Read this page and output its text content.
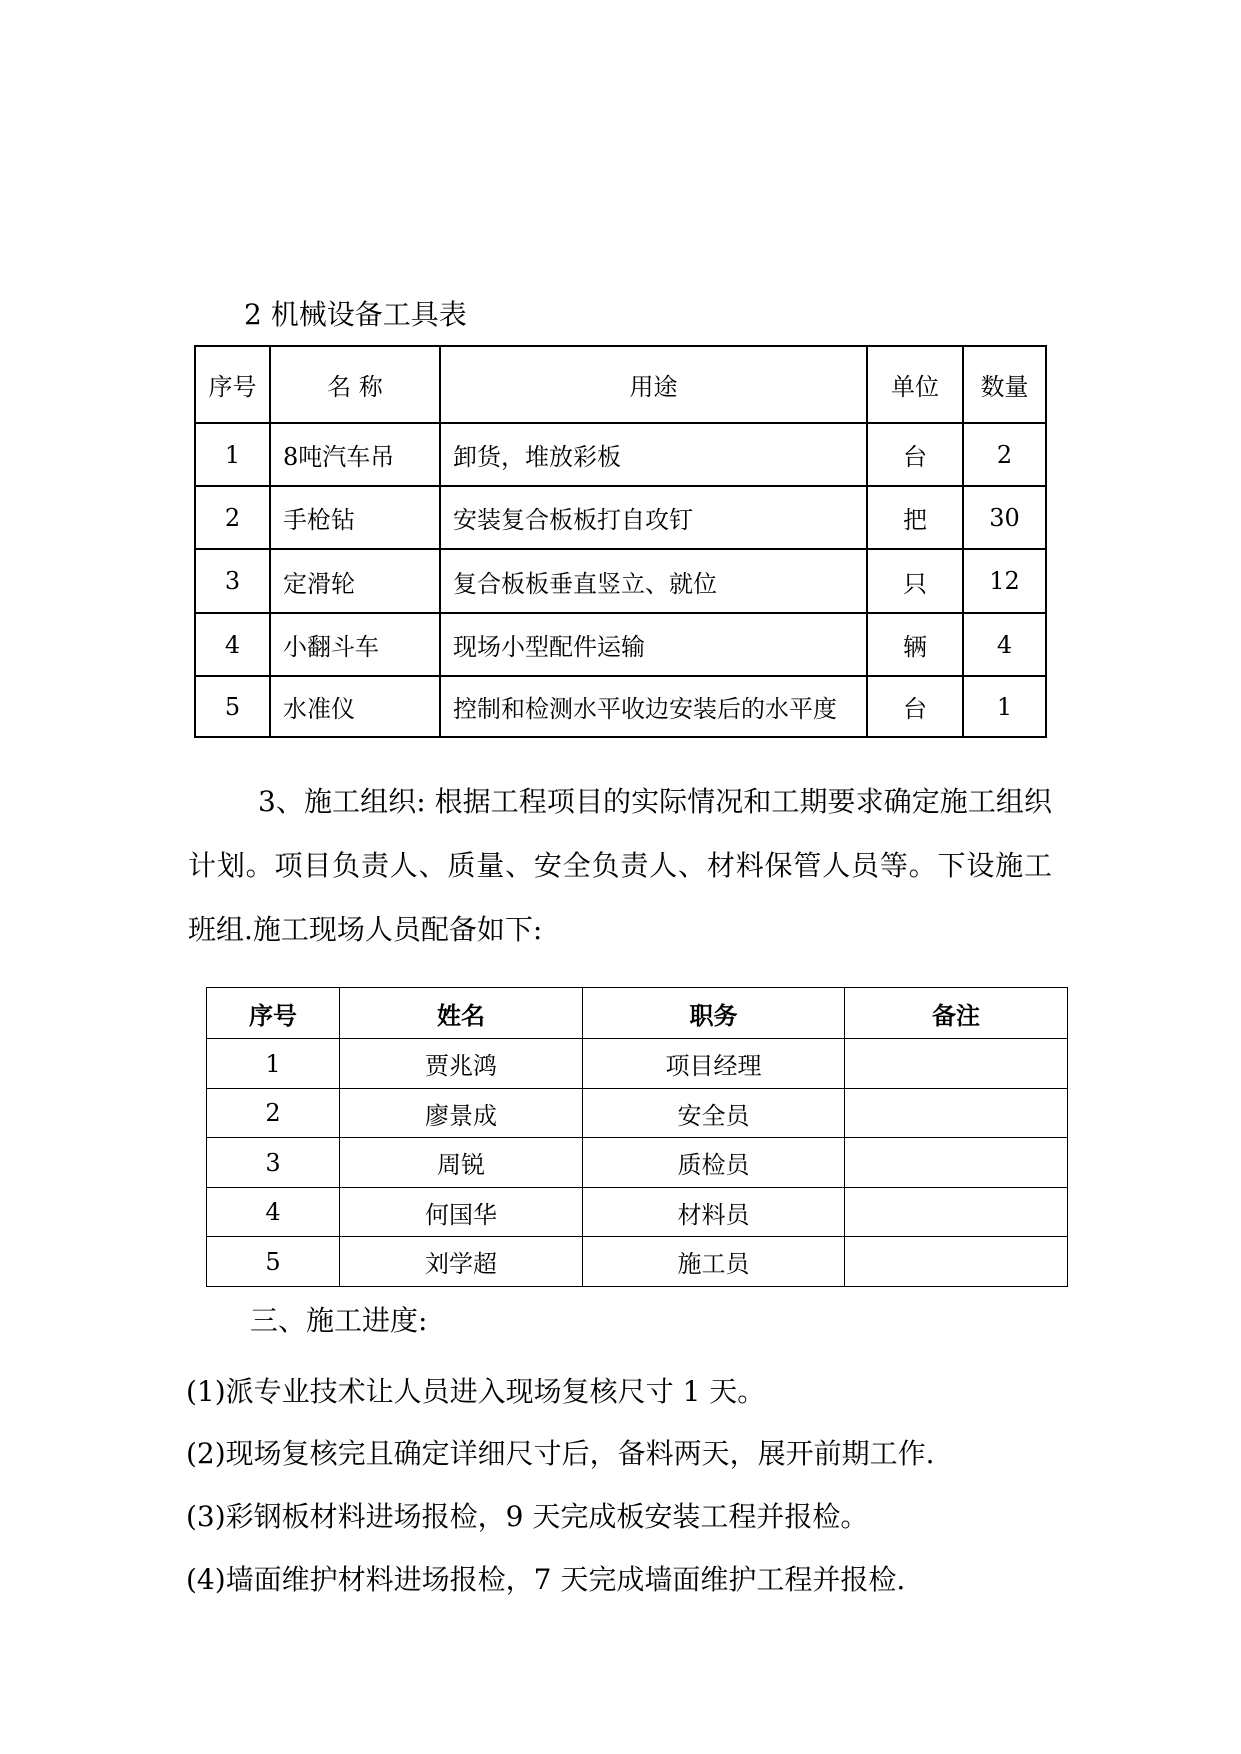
2 机械设备工具表
序号	名 称	用途	单位	数量
1	8吨汽车吊	卸货，堆放彩板	台	2
2	手枪钻	安装复合板板打自攻钉	把	30
3	定滑轮	复合板板垂直竖立、就位	只	12
4	小翻斗车	现场小型配件运输	辆	4
5	水准仪	控制和检测水平收边安装后的水平度	台	1
3、施工组织: 根据工程项目的实际情况和工期要求确定施工组织计划。项目负责人、质量、安全负责人、材料保管人员等。下设施工班组.施工现场人员配备如下:
序号	姓名	职务	备注
1	贾兆鸿	项目经理	
2	廖景成	安全员	
3	周锐	质检员	
4	何国华	材料员	
5	刘学超	施工员	
三、施工进度:
(1)派专业技术让人员进入现场复核尺寸 1 天。
(2)现场复核完且确定详细尺寸后，备料两天，展开前期工作.
(3)彩钢板材料进场报检，9 天完成板安装工程并报检。
(4)墙面维护材料进场报检，7 天完成墙面维护工程并报检.
